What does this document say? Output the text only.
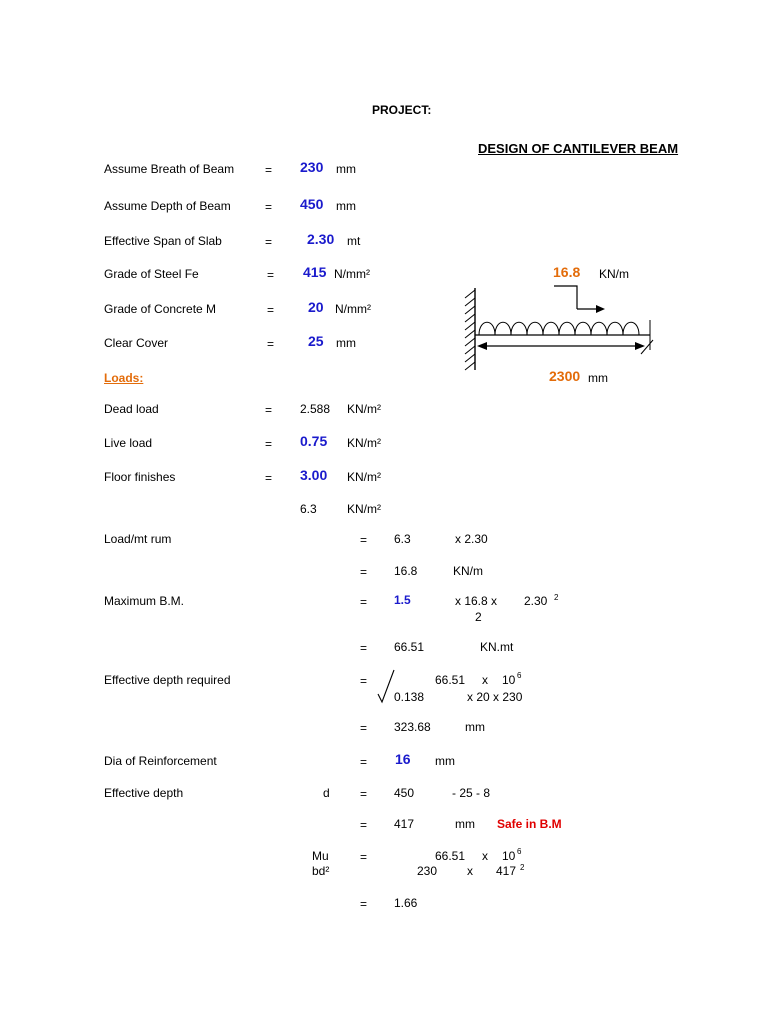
PROJECT:
DESIGN OF CANTILEVER BEAM
Assume Breath of Beam	= 230 mm
Assume Depth of Beam	= 450 mm
Effective Span of Slab	= 2.30 mt
Grade of Steel Fe	= 415 N/mm²
Grade of Concrete M	= 20 N/mm²
Clear Cover	= 25 mm
16.8 KN/m
2300 mm
Loads:
Dead load	= 2.588 KN/m²
Live load	= 0.75 KN/m²
Floor finishes	= 3.00 KN/m²
6.3	KN/m²
Load/mt rum	= 6.3	x 2.30
= 16.8	KN/m
Maximum B.M.	= 1.5	x 16.8 x 2.30 2
2
= 66.51	KN.mt
Effective depth required	=	66.51 x 10 6
0.138	x 20 x 230
= 323.68	mm
Dia of Reinforcement	= 16 mm
Effective depth	d	= 450	- 25 - 8
= 417	mm Safe in B.M
Mu
bd²
=	66.51 x 10 6
230 x 417 2
= 1.66
